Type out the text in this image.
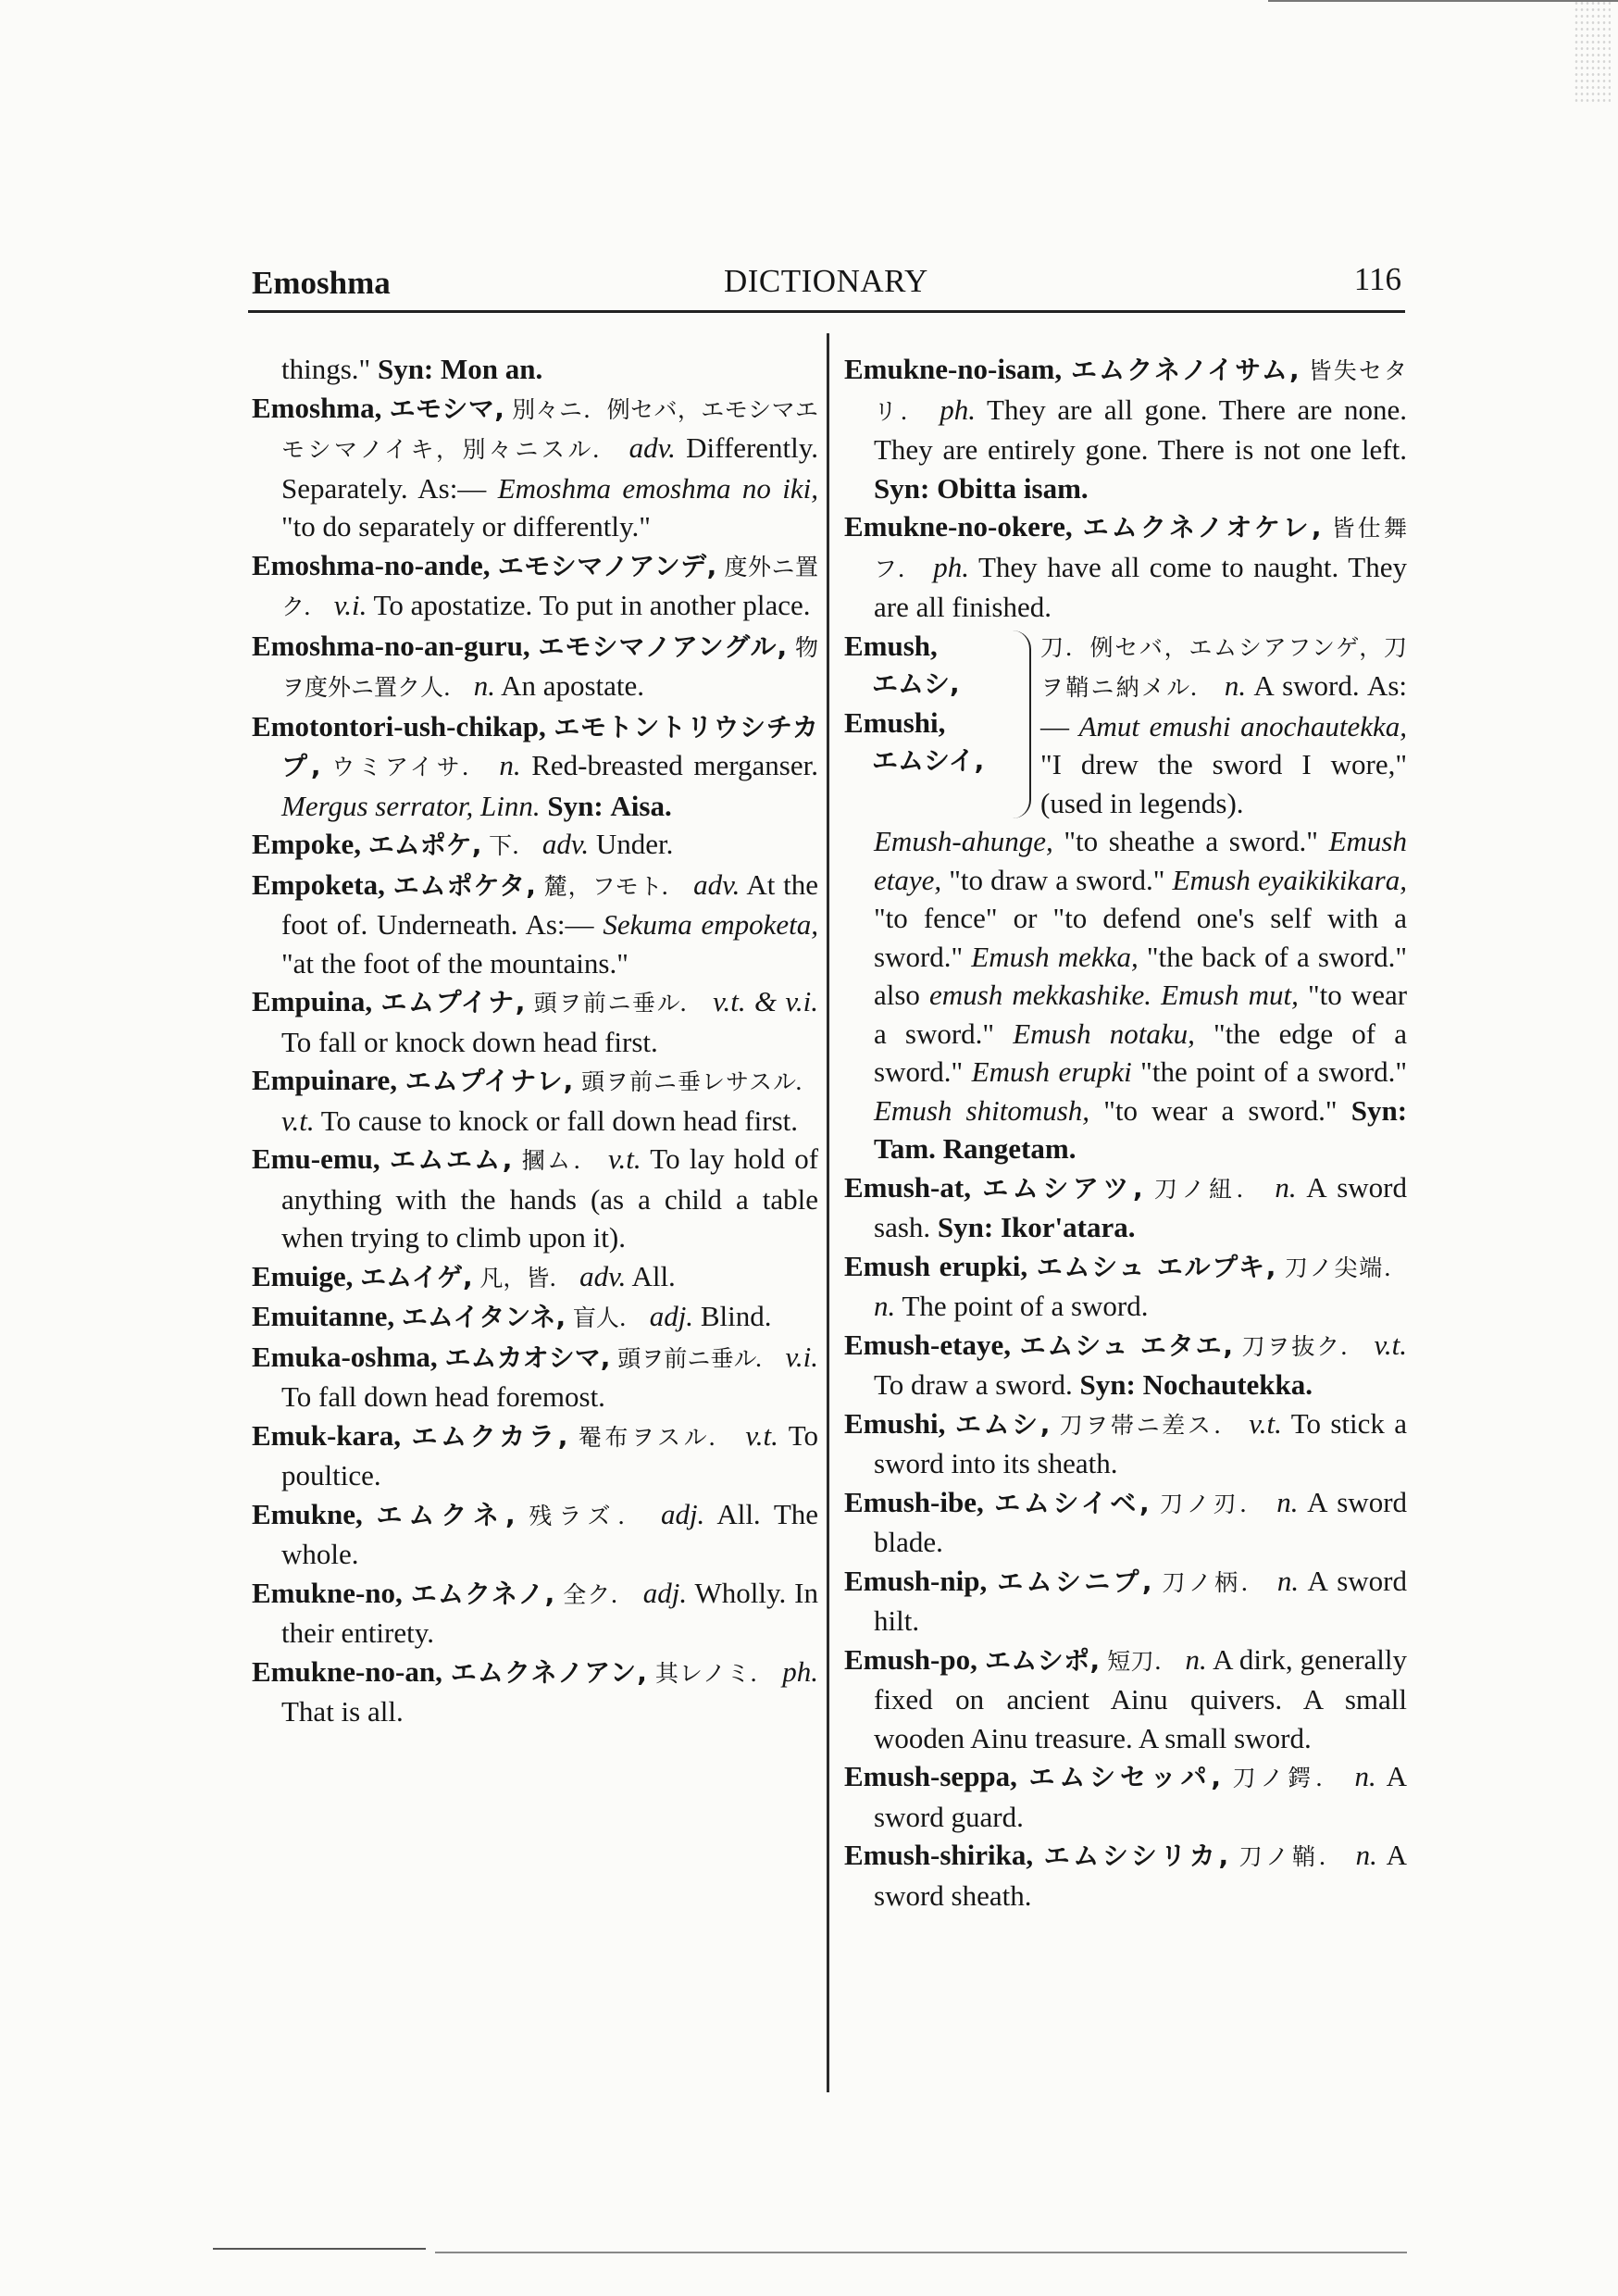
Emoshma	DICTIONARY	116

things." Syn: Mon an.

Emoshma, エモシマ, 別々ニ．例セバ，エモシマエモシマノイキ，別々ニスル． adv. Differently. Separately. As:— Emoshma emoshma no iki, "to do separately or differently."

Emoshma-no-ande, エモシマノアンデ, 度外ニ置ク． v.i. To apostatize. To put in another place.

Emoshma-no-an-guru, エモシマノアングル, 物ヲ度外ニ置ク人． n. An apostate.

Emotontori-ush-chikap, エモトントリウシチカプ, ウミアイサ． n. Red-breasted merganser. Mergus serrator, Linn. Syn: Aisa.

Empoke, エムポケ, 下． adv. Under.

Empoketa, エムポケタ, 麓，フモト． adv. At the foot of. Underneath. As:— Sekuma empoketa, "at the foot of the mountains."

Empuina, エムプイナ, 頭ヲ前ニ垂ル． v.t. & v.i. To fall or knock down head first.

Empuinare, エムプイナレ, 頭ヲ前ニ垂レサスル． v.t. To cause to knock or fall down head first.

Emu-emu, エムエム, 摑ム． v.t. To lay hold of anything with the hands (as a child a table when trying to climb upon it).

Emuige, エムイゲ, 凡，皆． adv. All.

Emuitanne, エムイタンネ, 盲人． adj. Blind.

Emuka-oshma, エムカオシマ, 頭ヲ前ニ垂ル． v.i. To fall down head foremost.

Emuk-kara, エムクカラ, 罨布ヲスル． v.t. To poultice.

Emukne, エムクネ, 残ラズ． adj. All. The whole.

Emukne-no, エムクネノ, 全ク． adj. Wholly. In their entirety.

Emukne-no-an, エムクネノアン, 其レノミ． ph. That is all.

Emukne-no-isam, エムクネノイサム, 皆失セタリ． ph. They are all gone. There are none. They are entirely gone. There is not one left. Syn: Obitta isam.

Emukne-no-okere, エムクネノオケレ, 皆仕舞フ． ph. They have all come to naught. They are all finished.

Emush,
エムシ,
Emushi,
エムシイ,
刀．例セバ，エムシアフンゲ，刀ヲ鞘ニ納メル． n. A sword. As:— Amut emushi anochautekka, "I drew the sword I wore," (used in legends).

Emush-ahunge, "to sheathe a sword." Emush etaye, "to draw a sword." Emush eyaikikikara, "to fence" or "to defend one's self with a sword." Emush mekka, "the back of a sword." also emush mekkashike. Emush mut, "to wear a sword." Emush notaku, "the edge of a sword." Emush erupki "the point of a sword." Emush shitomush, "to wear a sword." Syn: Tam. Rangetam.

Emush-at, エムシアツ, 刀ノ紐． n. A sword sash. Syn: Ikor'atara.

Emush erupki, エムシュ エルプキ, 刀ノ尖端． n. The point of a sword.

Emush-etaye, エムシュ エタエ, 刀ヲ抜ク． v.t. To draw a sword. Syn: Nochautekka.

Emushi, エムシ, 刀ヲ帯ニ差ス． v.t. To stick a sword into its sheath.

Emush-ibe, エムシイベ, 刀ノ刃． n. A sword blade.

Emush-nip, エムシニプ, 刀ノ柄． n. A sword hilt.

Emush-po, エムシポ, 短刀． n. A dirk, generally fixed on ancient Ainu quivers. A small wooden Ainu treasure. A small sword.

Emush-seppa, エムシセッパ, 刀ノ鍔． n. A sword guard.

Emush-shirika, エムシシリカ, 刀ノ鞘． n. A sword sheath.
